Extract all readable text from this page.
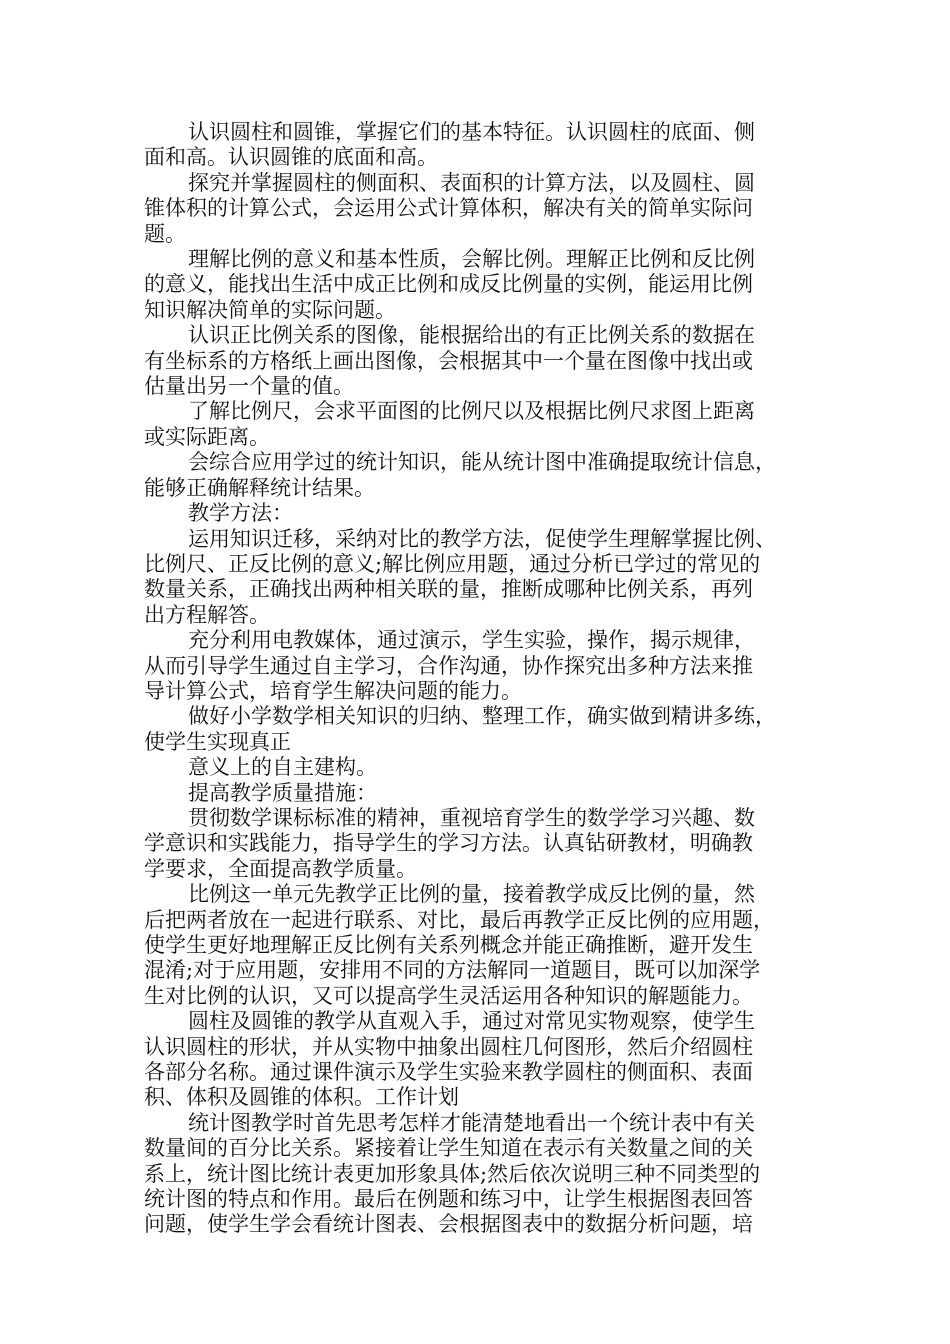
认识圆柱和圆锥，掌握它们的基本特征。认识圆柱的底面、侧
面和高。认识圆锥的底面和高。

探究并掌握圆柱的侧面积、表面积的计算方法，以及圆柱、圆
锥体积的计算公式，会运用公式计算体积，解决有关的简单实际问
题。

理解比例的意义和基本性质，会解比例。理解正比例和反比例
的意义，能找出生活中成正比例和成反比例量的实例，能运用比例
知识解决简单的实际问题。

认识正比例关系的图像，能根据给出的有正比例关系的数据在
有坐标系的方格纸上画出图像，会根据其中一个量在图像中找出或
估量出另一个量的值。

了解比例尺，会求平面图的比例尺以及根据比例尺求图上距离
或实际距离。

会综合应用学过的统计知识，能从统计图中准确提取统计信息，
能够正确解释统计结果。

教学方法：

运用知识迁移，采纳对比的教学方法，促使学生理解掌握比例、
比例尺、正反比例的意义;解比例应用题，通过分析已学过的常见的
数量关系，正确找出两种相关联的量，推断成哪种比例关系，再列
出方程解答。

充分利用电教媒体，通过演示，学生实验，操作，揭示规律，
从而引导学生通过自主学习，合作沟通，协作探究出多种方法来推
导计算公式，培育学生解决问题的能力。

做好小学数学相关知识的归纳、整理工作，确实做到精讲多练，
使学生实现真正

意义上的自主建构。

提高教学质量措施：

贯彻数学课标标准的精神，重视培育学生的数学学习兴趣、数
学意识和实践能力，指导学生的学习方法。认真钻研教材，明确教
学要求，全面提高教学质量。

比例这一单元先教学正比例的量，接着教学成反比例的量，然
后把两者放在一起进行联系、对比，最后再教学正反比例的应用题，
使学生更好地理解正反比例有关系列概念并能正确推断，避开发生
混淆;对于应用题，安排用不同的方法解同一道题目，既可以加深学
生对比例的认识，又可以提高学生灵活运用各种知识的解题能力。

圆柱及圆锥的教学从直观入手，通过对常见实物观察，使学生
认识圆柱的形状，并从实物中抽象出圆柱几何图形，然后介绍圆柱
各部分名称。通过课件演示及学生实验来教学圆柱的侧面积、表面
积、体积及圆锥的体积。工作计划

统计图教学时首先思考怎样才能清楚地看出一个统计表中有关
数量间的百分比关系。紧接着让学生知道在表示有关数量之间的关
系上，统计图比统计表更加形象具体;然后依次说明三种不同类型的
统计图的特点和作用。最后在例题和练习中，让学生根据图表回答
问题，使学生学会看统计图表、会根据图表中的数据分析问题，培
